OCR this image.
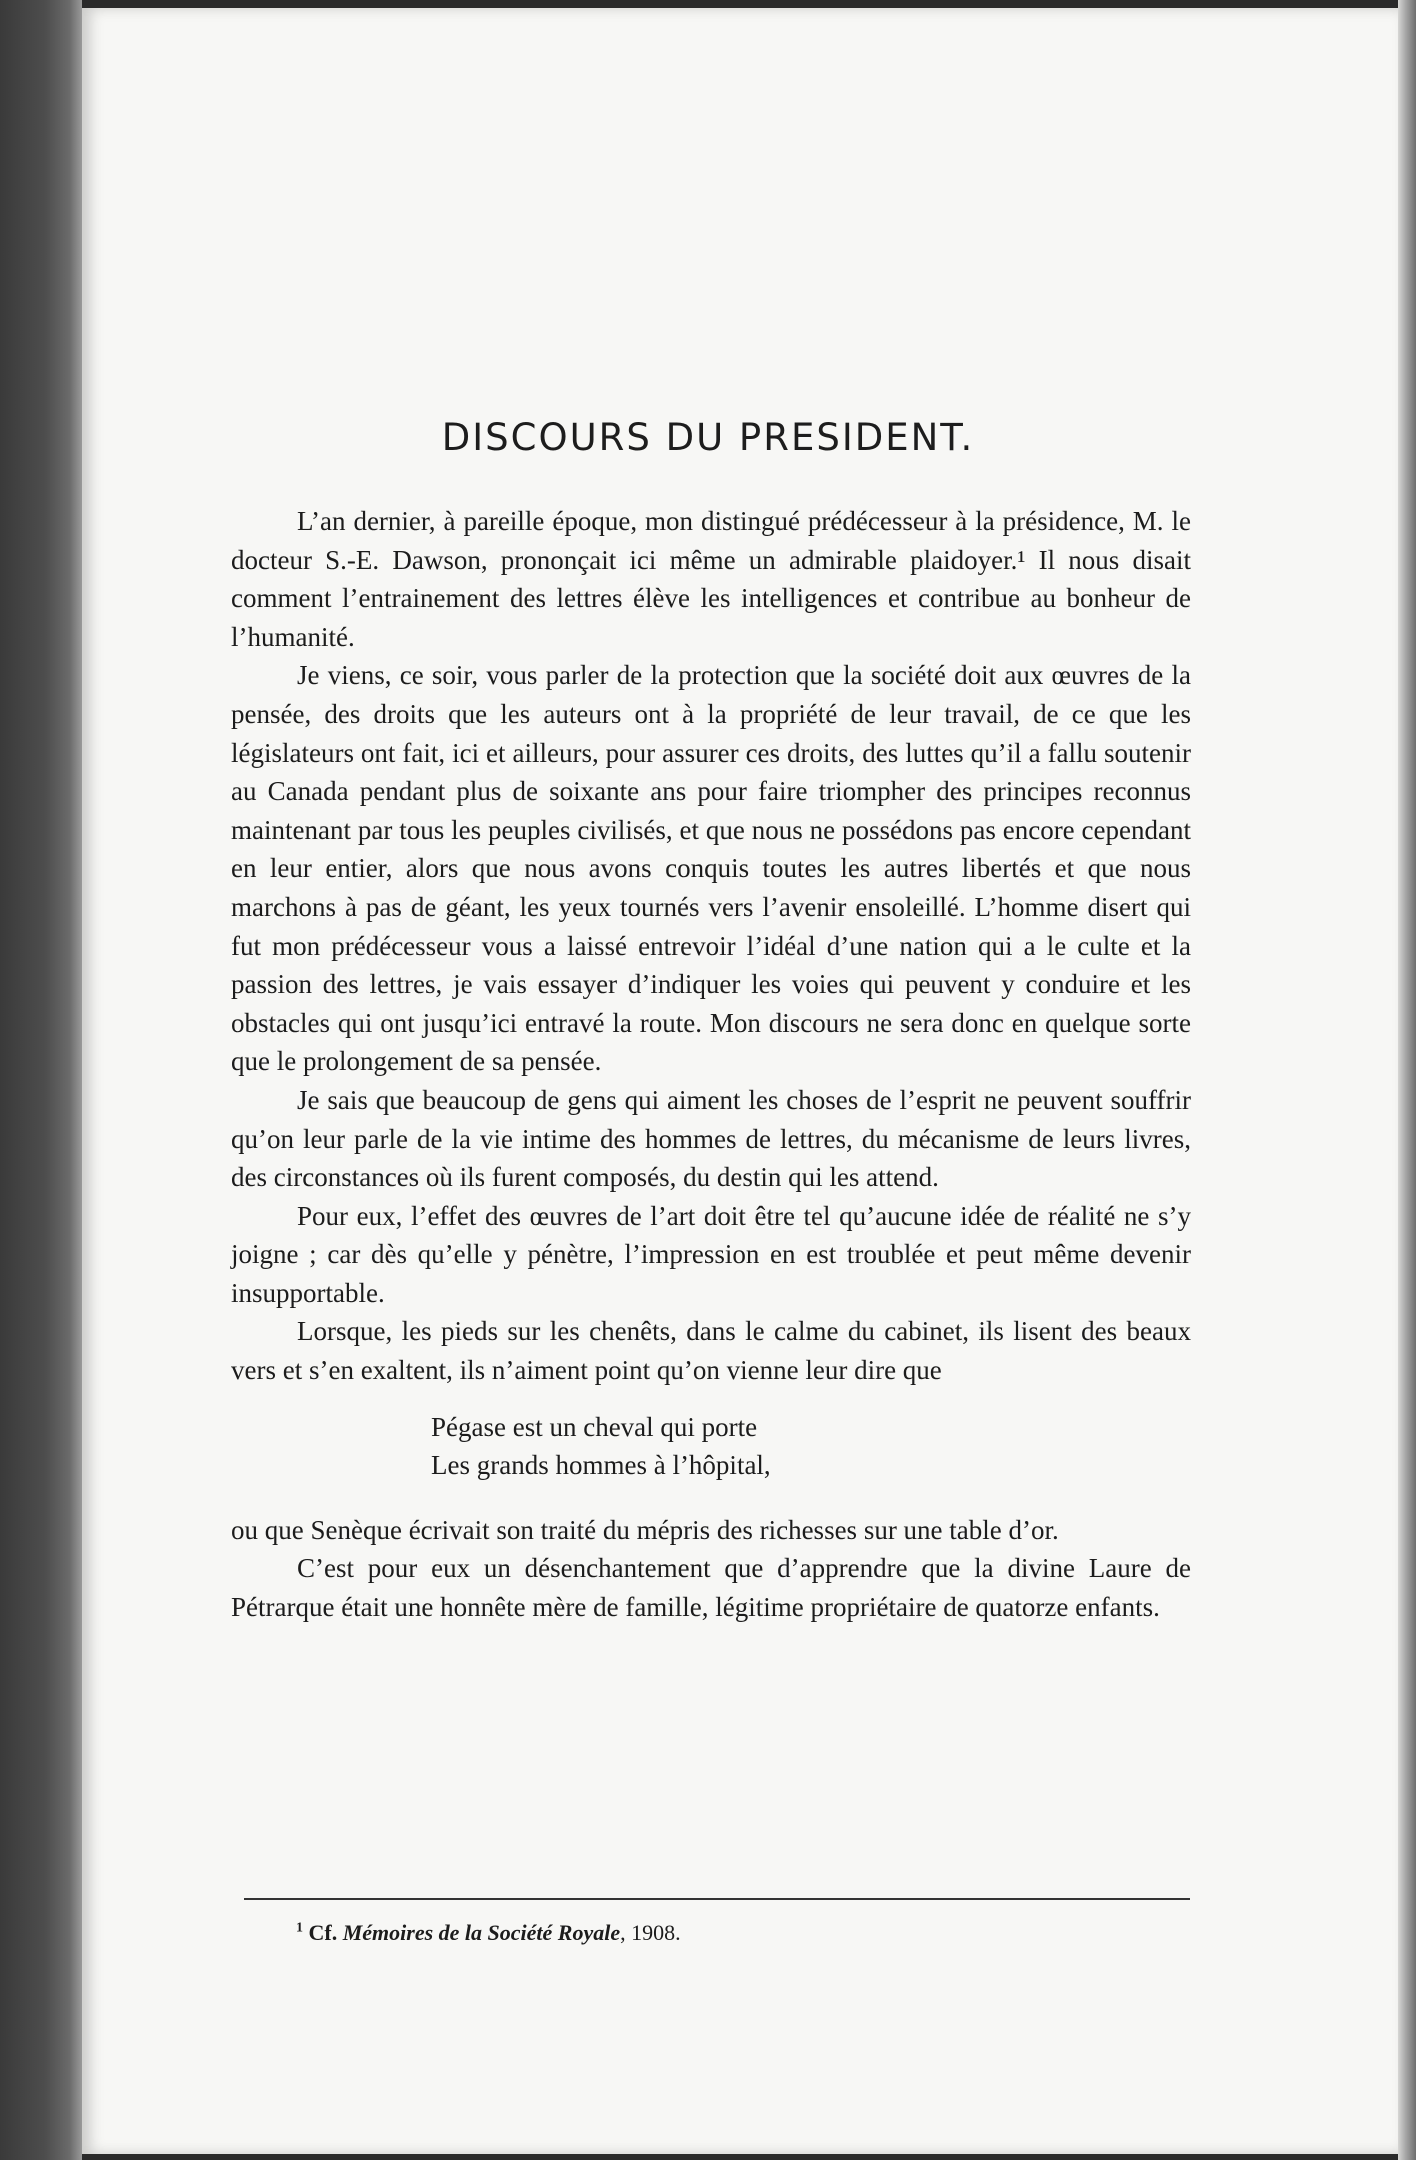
DISCOURS DU PRESIDENT.

L’an dernier, à pareille époque, mon distingué prédécesseur à la présidence, M. le docteur S.-E. Dawson, prononçait ici même un admirable plaidoyer.¹ Il nous disait comment l’entrainement des lettres élève les intelligences et contribue au bonheur de l’humanité.

Je viens, ce soir, vous parler de la protection que la société doit aux œuvres de la pensée, des droits que les auteurs ont à la propriété de leur travail, de ce que les législateurs ont fait, ici et ailleurs, pour assurer ces droits, des luttes qu’il a fallu soutenir au Canada pendant plus de soixante ans pour faire triompher des principes reconnus maintenant par tous les peuples civilisés, et que nous ne possédons pas encore cependant en leur entier, alors que nous avons conquis toutes les autres libertés et que nous marchons à pas de géant, les yeux tournés vers l’avenir ensoleillé. L’homme disert qui fut mon prédécesseur vous a laissé entrevoir l’idéal d’une nation qui a le culte et la passion des lettres, je vais essayer d’indiquer les voies qui peuvent y conduire et les obstacles qui ont jusqu’ici entravé la route. Mon discours ne sera donc en quelque sorte que le prolongement de sa pensée.

Je sais que beaucoup de gens qui aiment les choses de l’esprit ne peuvent souffrir qu’on leur parle de la vie intime des hommes de lettres, du mécanisme de leurs livres, des circonstances où ils furent composés, du destin qui les attend.

Pour eux, l’effet des œuvres de l’art doit être tel qu’aucune idée de réalité ne s’y joigne ; car dès qu’elle y pénètre, l’impression en est troublée et peut même devenir insupportable.

Lorsque, les pieds sur les chenêts, dans le calme du cabinet, ils lisent des beaux vers et s’en exaltent, ils n’aiment point qu’on vienne leur dire que

Pégase est un cheval qui porte
Les grands hommes à l’hôpital,

ou que Senèque écrivait son traité du mépris des richesses sur une table d’or.

C’est pour eux un désenchantement que d’apprendre que la divine Laure de Pétrarque était une honnête mère de famille, légitime propriétaire de quatorze enfants.

$^1$ Cf. Mémoires de la Société Royale, 1908.
